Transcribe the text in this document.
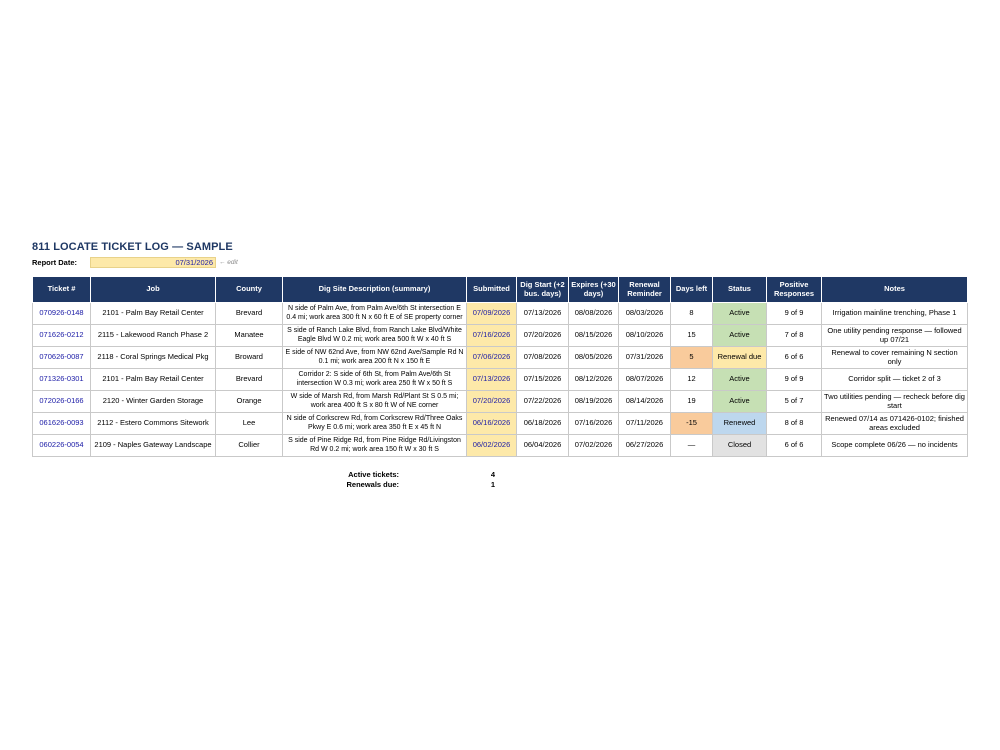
811 LOCATE TICKET LOG — SAMPLE
Report Date:	07/31/2026 ← edit
Ticket #	Job	County	Dig Site Description (summary)	Submitted	Dig Start (+2 bus. days)	Expires (+30 days)	Renewal Reminder	Days left	Status	Positive Responses	Notes
070926-0148	2101 - Palm Bay Retail Center	Brevard	N side of Palm Ave, from Palm Ave/6th St intersection E 0.4 mi; work area 300 ft N x 60 ft E of SE property corner	07/09/2026	07/13/2026	08/08/2026	08/03/2026	8	Active	9 of 9	Irrigation mainline trenching, Phase 1
071626-0212	2115 - Lakewood Ranch Phase 2	Manatee	S side of Ranch Lake Blvd, from Ranch Lake Blvd/White Eagle Blvd W 0.2 mi; work area 500 ft W x 40 ft S	07/16/2026	07/20/2026	08/15/2026	08/10/2026	15	Active	7 of 8	One utility pending response — followed up 07/21
070626-0087	2118 - Coral Springs Medical Pkg	Broward	E side of NW 62nd Ave, from NW 62nd Ave/Sample Rd N 0.1 mi; work area 200 ft N x 150 ft E	07/06/2026	07/08/2026	08/05/2026	07/31/2026	5	Renewal due	6 of 6	Renewal to cover remaining N section only
071326-0301	2101 - Palm Bay Retail Center	Brevard	Corridor 2: S side of 6th St, from Palm Ave/6th St intersection W 0.3 mi; work area 250 ft W x 50 ft S	07/13/2026	07/15/2026	08/12/2026	08/07/2026	12	Active	9 of 9	Corridor split — ticket 2 of 3
072026-0166	2120 - Winter Garden Storage	Orange	W side of Marsh Rd, from Marsh Rd/Plant St S 0.5 mi; work area 400 ft S x 80 ft W of NE corner	07/20/2026	07/22/2026	08/19/2026	08/14/2026	19	Active	5 of 7	Two utilities pending — recheck before dig start
061626-0093	2112 - Estero Commons Sitework	Lee	N side of Corkscrew Rd, from Corkscrew Rd/Three Oaks Pkwy E 0.6 mi; work area 350 ft E x 45 ft N	06/16/2026	06/18/2026	07/16/2026	07/11/2026	-15	Renewed	8 of 8	Renewed 07/14 as 071426-0102; finished areas excluded
060226-0054	2109 - Naples Gateway Landscape	Collier	S side of Pine Ridge Rd, from Pine Ridge Rd/Livingston Rd W 0.2 mi; work area 150 ft W x 30 ft S	06/02/2026	06/04/2026	07/02/2026	06/27/2026	—	Closed	6 of 6	Scope complete 06/26 — no incidents
Active tickets:	4
Renewals due:	1
